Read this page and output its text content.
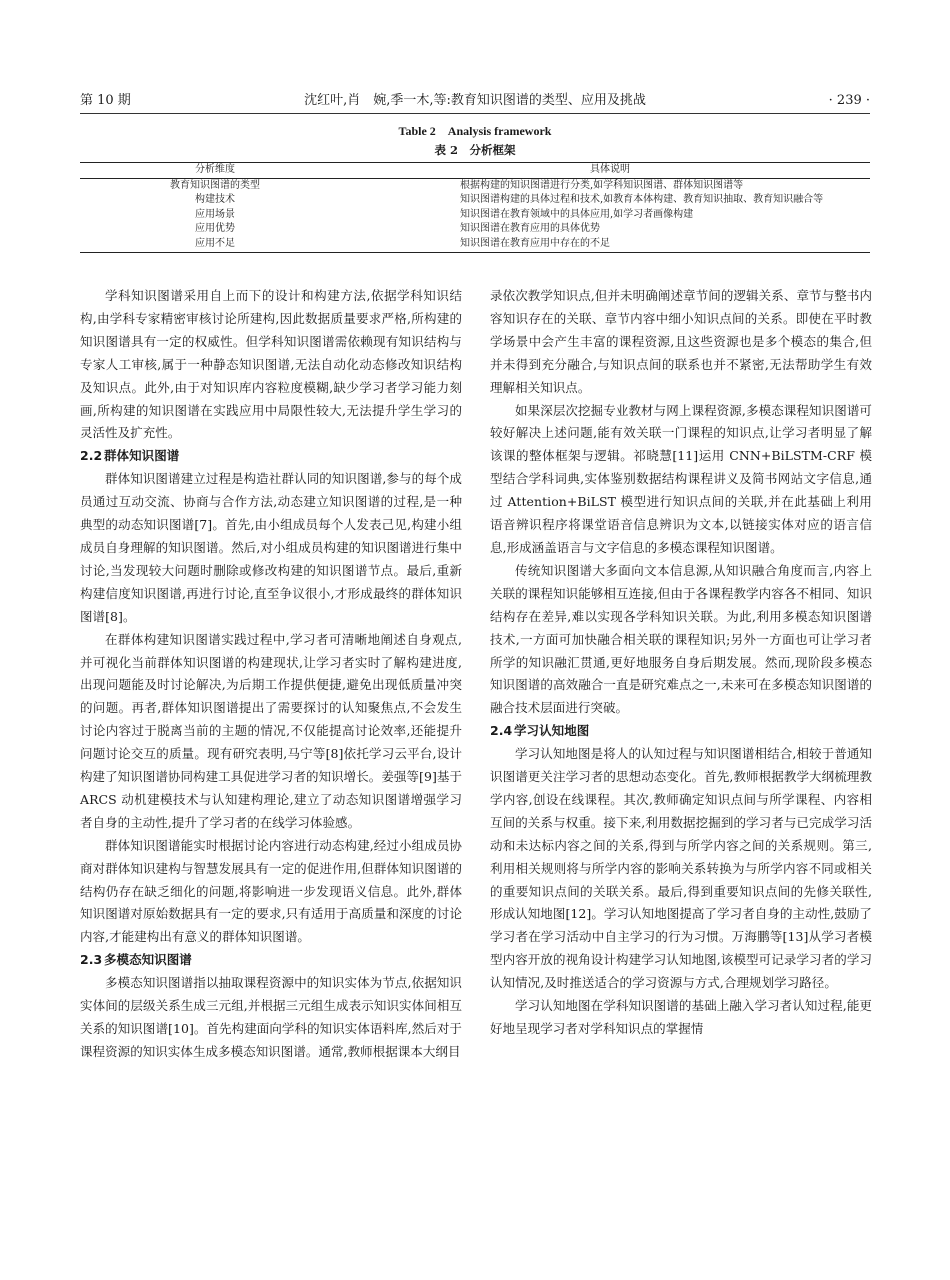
第 10 期	沈红叶,肖　婉,季一木,等:教育知识图谱的类型、应用及挑战	· 239 ·
Table 2　Analysis framework
表 2　分析框架
分析维度	具体说明
教育知识图谱的类型	根据构建的知识图谱进行分类,如学科知识图谱、群体知识图谱等
构建技术	知识图谱构建的具体过程和技术,如教育本体构建、教育知识抽取、教育知识融合等
应用场景	知识图谱在教育领域中的具体应用,如学习者画像构建
应用优势	知识图谱在教育应用的具体优势
应用不足	知识图谱在教育应用中存在的不足

学科知识图谱采用自上而下的设计和构建方法,依据学科知识结构,由学科专家精密审核讨论所建构,因此数据质量要求严格,所构建的知识图谱具有一定的权威性。但学科知识图谱需依赖现有知识结构与专家人工审核,属于一种静态知识图谱,无法自动化动态修改知识结构及知识点。此外,由于对知识库内容粒度模糊,缺少学习者学习能力刻画,所构建的知识图谱在实践应用中局限性较大,无法提升学生学习的灵活性及扩充性。

2.2 群体知识图谱

群体知识图谱建立过程是构造社群认同的知识图谱,参与的每个成员通过互动交流、协商与合作方法,动态建立知识图谱的过程,是一种典型的动态知识图谱[7]。首先,由小组成员每个人发表己见,构建小组成员自身理解的知识图谱。然后,对小组成员构建的知识图谱进行集中讨论,当发现较大问题时删除或修改构建的知识图谱节点。最后,重新构建信度知识图谱,再进行讨论,直至争议很小,才形成最终的群体知识图谱[8]。

在群体构建知识图谱实践过程中,学习者可清晰地阐述自身观点,并可视化当前群体知识图谱的构建现状,让学习者实时了解构建进度,出现问题能及时讨论解决,为后期工作提供便捷,避免出现低质量冲突的问题。再者,群体知识图谱提出了需要探讨的认知聚焦点,不会发生讨论内容过于脱离当前的主题的情况,不仅能提高讨论效率,还能提升问题讨论交互的质量。现有研究表明,马宁等[8]依托学习云平台,设计构建了知识图谱协同构建工具促进学习者的知识增长。姜强等[9]基于 ARCS 动机建模技术与认知建构理论,建立了动态知识图谱增强学习者自身的主动性,提升了学习者的在线学习体验感。

群体知识图谱能实时根据讨论内容进行动态构建,经过小组成员协商对群体知识建构与智慧发展具有一定的促进作用,但群体知识图谱的结构仍存在缺乏细化的问题,将影响进一步发现语义信息。此外,群体知识图谱对原始数据具有一定的要求,只有适用于高质量和深度的讨论内容,才能建构出有意义的群体知识图谱。

2.3 多模态知识图谱

多模态知识图谱指以抽取课程资源中的知识实体为节点,依据知识实体间的层级关系生成三元组,并根据三元组生成表示知识实体间相互关系的知识图谱[10]。首先构建面向学科的知识实体语料库,然后对于课程资源的知识实体生成多模态知识图谱。通常,教师根据课本大纲目

录依次教学知识点,但并未明确阐述章节间的逻辑关系、章节与整书内容知识存在的关联、章节内容中细小知识点间的关系。即使在平时教学场景中会产生丰富的课程资源,且这些资源也是多个模态的集合,但并未得到充分融合,与知识点间的联系也并不紧密,无法帮助学生有效理解相关知识点。

如果深层次挖掘专业教材与网上课程资源,多模态课程知识图谱可较好解决上述问题,能有效关联一门课程的知识点,让学习者明显了解该课的整体框架与逻辑。祁晓慧[11]运用 CNN+BiLSTM-CRF 模型结合学科词典,实体鉴别数据结构课程讲义及简书网站文字信息,通过 Attention+BiLST 模型进行知识点间的关联,并在此基础上利用语音辨识程序将课堂语音信息辨识为文本,以链接实体对应的语言信息,形成涵盖语言与文字信息的多模态课程知识图谱。

传统知识图谱大多面向文本信息源,从知识融合角度而言,内容上关联的课程知识能够相互连接,但由于各课程教学内容各不相同、知识结构存在差异,难以实现各学科知识关联。为此,利用多模态知识图谱技术,一方面可加快融合相关联的课程知识;另外一方面也可让学习者所学的知识融汇贯通,更好地服务自身后期发展。然而,现阶段多模态知识图谱的高效融合一直是研究难点之一,未来可在多模态知识图谱的融合技术层面进行突破。

2.4 学习认知地图

学习认知地图是将人的认知过程与知识图谱相结合,相较于普通知识图谱更关注学习者的思想动态变化。首先,教师根据教学大纲梳理教学内容,创设在线课程。其次,教师确定知识点间与所学课程、内容相互间的关系与权重。接下来,利用数据挖掘到的学习者与已完成学习活动和未达标内容之间的关系,得到与所学内容之间的关系规则。第三,利用相关规则将与所学内容的影响关系转换为与所学内容不同或相关的重要知识点间的关联关系。最后,得到重要知识点间的先修关联性,形成认知地图[12]。学习认知地图提高了学习者自身的主动性,鼓励了学习者在学习活动中自主学习的行为习惯。万海鹏等[13]从学习者模型内容开放的视角设计构建学习认知地图,该模型可记录学习者的学习认知情况,及时推送适合的学习资源与方式,合理规划学习路径。

学习认知地图在学科知识图谱的基础上融入学习者认知过程,能更好地呈现学习者对学科知识点的掌握情
